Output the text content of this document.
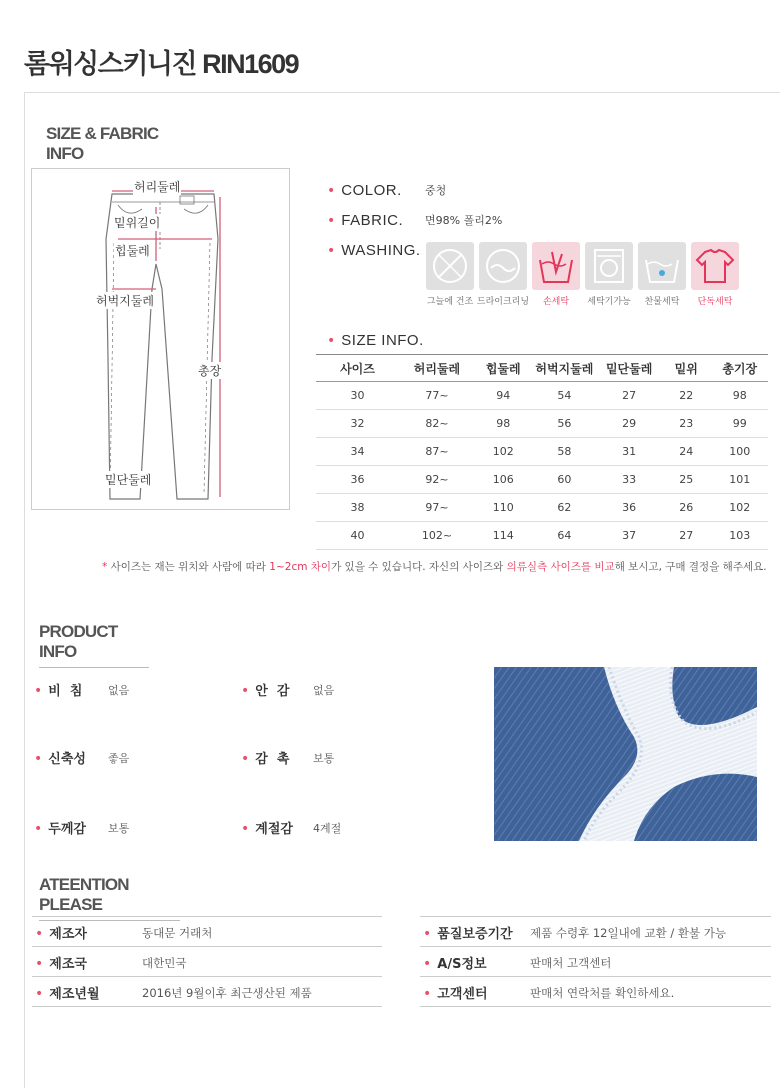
롬워싱스키니진 RIN1609
SIZE & FABRIC INFO
허리둘레
밑위길이
힙둘레
허벅지둘레
총장
밑단둘레
• COLOR. 중청
• FABRIC. 면98% 폴리2%
• WASHING.
그늘에 건조 드라이크리닝	손세탁	세탁기가능	찬물세탁	단독세탁
• SIZE INFO.
사이즈	허리둘레	힙둘레	허벅지둘레	밑단둘레	밑위	총기장
30	77~	94	54	27	22	98
32	82~	98	56	29	23	99
34	87~	102	58	31	24	100
36	92~	106	60	33	25	101
38	97~	110	62	36	26	102
40	102~	114	64	37	27	103
* 사이즈는 재는 위치와 사람에 따라 1~2cm 차이가 있을 수 있습니다. 자신의 사이즈와 의류실측 사이즈를 비교해 보시고, 구매 결정을 해주세요.
PRODUCT INFO
• 비  침 없음	• 안  감 없음
• 신축성 좋음	• 감  촉 보통
• 두께감 보통	• 계절감 4계절
ATEENTION PLEASE
• 제조자	동대문 거래처
• 제조국	대한민국
• 제조년월	2016년 9월이후 최근생산된 제품
• 품질보증기간 제품 수령후 12일내에 교환 / 환불 가능
• A/S정보	판매처 고객센터
• 고객센터	판매처 연락처를 확인하세요.
